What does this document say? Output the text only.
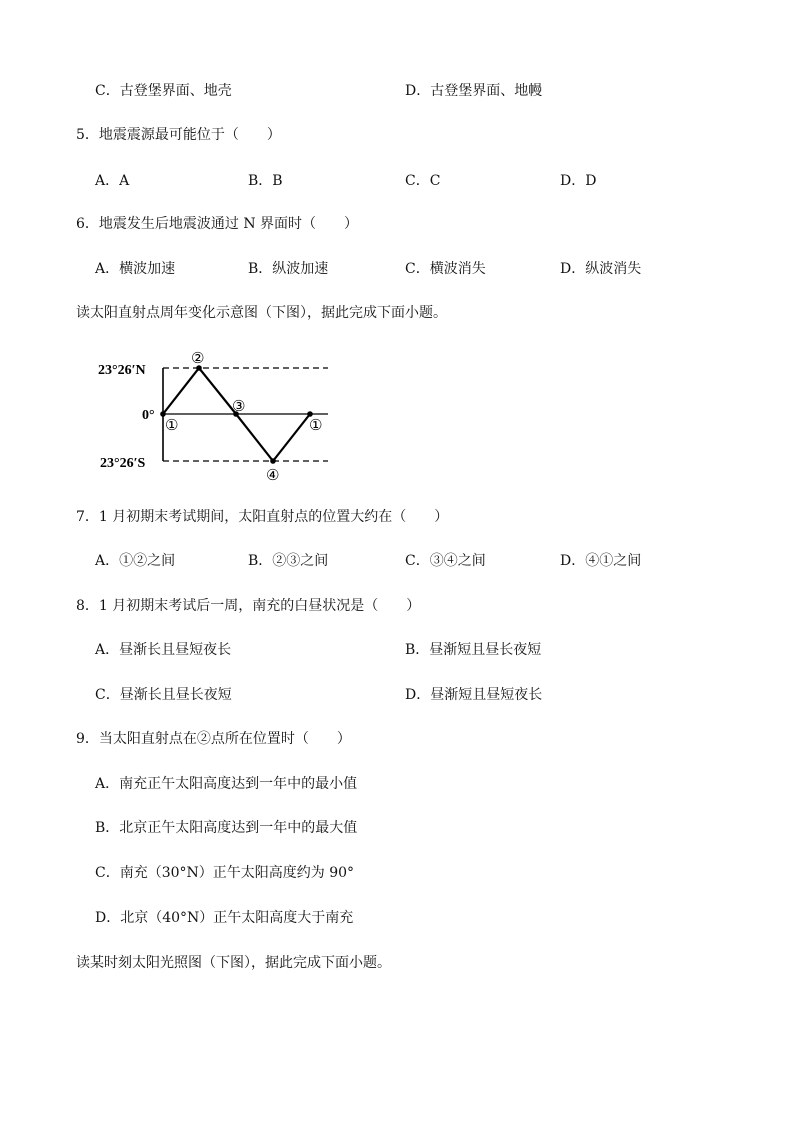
C．古登堡界面、地壳	D．古登堡界面、地幔
5．地震震源最可能位于（　　）
A．A	B．B	C．C	D．D
6．地震发生后地震波通过 N 界面时（　　）
A．横波加速	B．纵波加速	C．横波消失	D．纵波消失
读太阳直射点周年变化示意图（下图），据此完成下面小题。
23°26′N
0°
23°26′S
①
②
③
①
④
7．1 月初期末考试期间，太阳直射点的位置大约在（　　）
A．①②之间	B．②③之间	C．③④之间	D．④①之间
8．1 月初期末考试后一周，南充的白昼状况是（　　）
A．昼渐长且昼短夜长	B．昼渐短且昼长夜短
C．昼渐长且昼长夜短	D．昼渐短且昼短夜长
9．当太阳直射点在②点所在位置时（　　）
A．南充正午太阳高度达到一年中的最小值
B．北京正午太阳高度达到一年中的最大值
C．南充（30°N）正午太阳高度约为 90°
D．北京（40°N）正午太阳高度大于南充
读某时刻太阳光照图（下图），据此完成下面小题。
